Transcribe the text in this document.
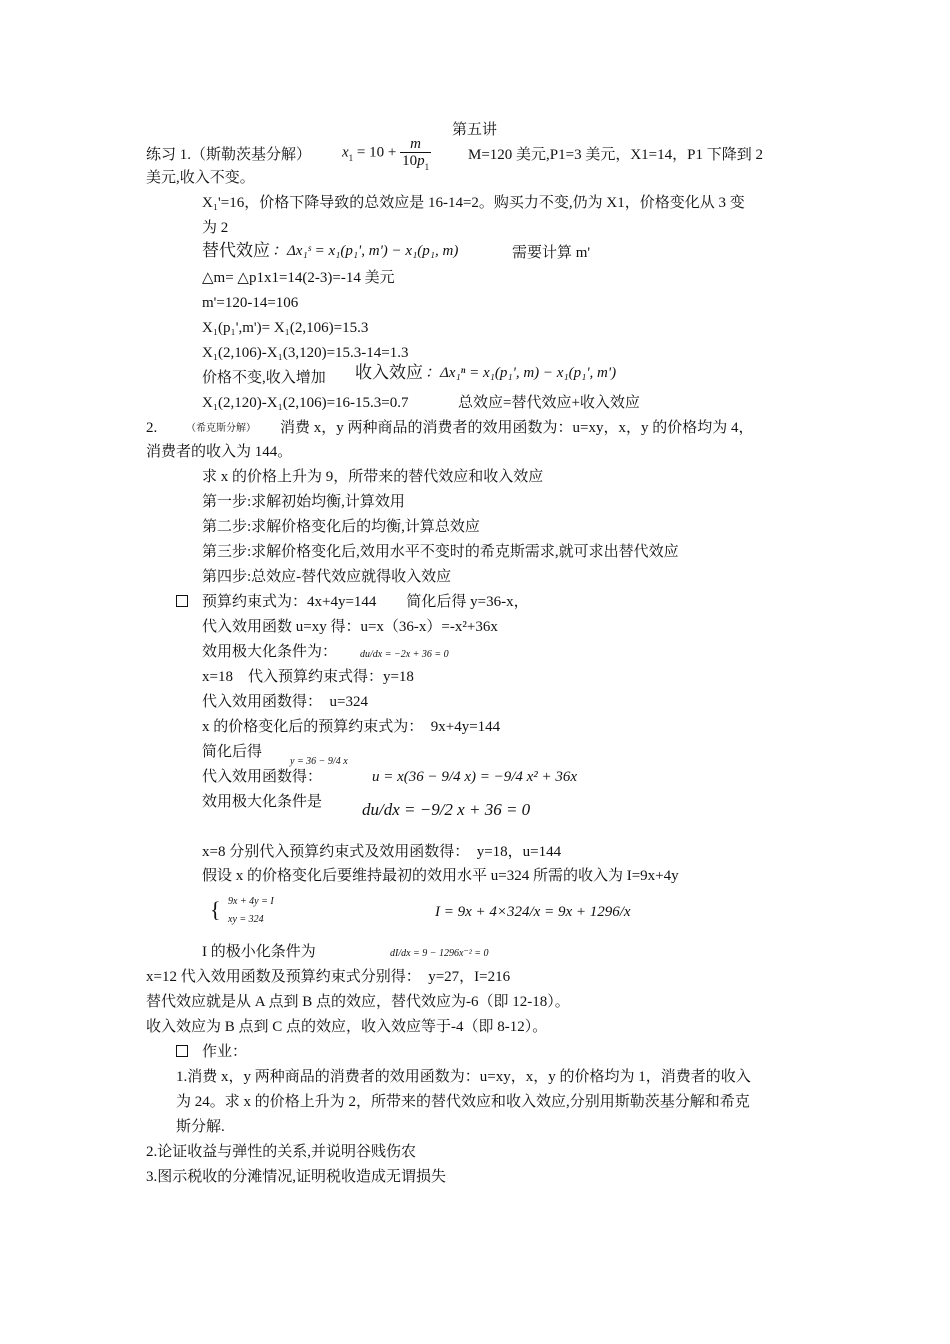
第五讲
练习 1.（斯勒茨基分解） $x_1 = 10 + \frac{m}{10p_1} M=120$ 美元,P1=3 美元，X1=14，P1 下降到 2
美元,收入不变。
X₁'=16，价格下降导致的总效应是 16-14=2。购买力不变,仍为 X1，价格变化从 3 变
为 2
替代效应 ：Δx₁ˢ = x₁(p₁', m') − x₁(p₁, m)	需要计算 m'
△m= △p1x1=14(2-3)=-14 美元
m'=120-14=106
X₁(p₁',m')= X₁(2,106)=15.3
X₁(2,106)-X₁(3,120)=15.3-14=1.3
价格不变,收入增加 收入效应 ：Δx₁ⁿ = x₁(p₁', m) − x₁(p₁', m')
X₁(2,120)-X₁(2,106)=16-15.3=0.7	总效应=替代效应+收入效应
2.	（希克斯分解） 消费 x，y 两种商品的消费者的效用函数为：u=xy，x，y 的价格均为 4，
消费者的收入为 144。
求 x 的价格上升为 9，所带来的替代效应和收入效应
第一步:求解初始均衡,计算效用
第二步:求解价格变化后的均衡,计算总效应
第三步:求解价格变化后,效用水平不变时的希克斯需求,就可求出替代效应
第四步:总效应-替代效应就得收入效应
预算约束式为：4x+4y=144　　简化后得 y=36-x，
代入效用函数 u=xy 得：u=x（36-x）=-x²+36x
效用极大化条件为： du/dx = −2x + 36 = 0
x=18　代入预算约束式得：y=18
代入效用函数得：　u=324
x 的价格变化后的预算约束式为：　9x+4y=144
简化后得
y = 36 − 9/4 x
代入效用函数得：	u = x(36 − 9/4 x) = −9/4 x² + 36x
效用极大化条件是 du/dx = −9/2 x + 36 = 0
x=8 分别代入预算约束式及效用函数得：　y=18，u=144
假设 x 的价格变化后要维持最初的效用水平 u=324 所需的收入为 I=9x+4y
{ 9x + 4y = I
xy = 324	I = 9x + 4×324/x = 9x + 1296/x
I 的极小化条件为	dI/dx = 9 − 1296x⁻² = 0
x=12 代入效用函数及预算约束式分别得：　y=27，I=216
替代效应就是从 A 点到 B 点的效应，替代效应为-6（即 12-18）。
收入效应为 B 点到 C 点的效应，收入效应等于-4（即 8-12）。
作业：
1.消费 x，y 两种商品的消费者的效用函数为：u=xy，x，y 的价格均为 1，消费者的收入
为 24。求 x 的价格上升为 2，所带来的替代效应和收入效应,分别用斯勒茨基分解和希克
斯分解.
2.论证收益与弹性的关系,并说明谷贱伤农
3.图示税收的分滩情况,证明税收造成无谓损失
